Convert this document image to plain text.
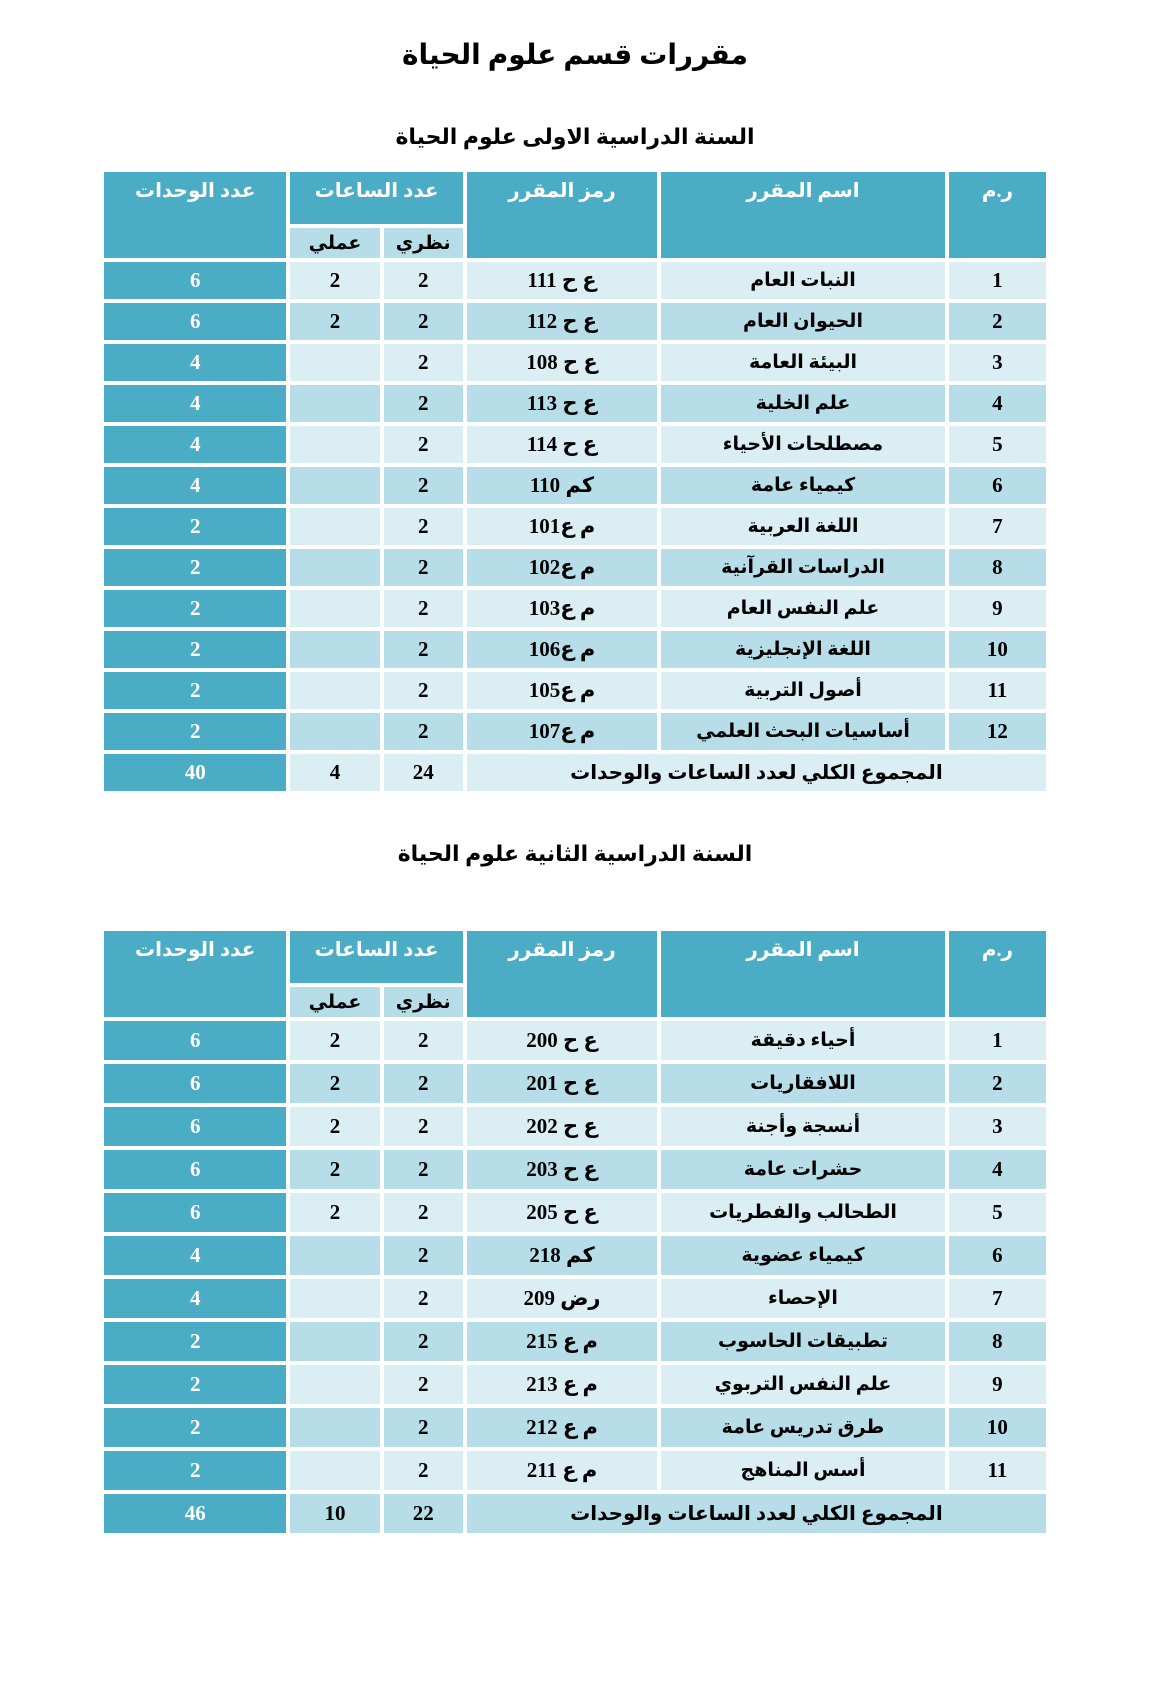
مقررات قسم علوم الحياة
السنة الدراسية الاولى علوم الحياة
ر.م	اسم المقرر	رمز المقرر	عدد الساعات		عدد الوحدات
			نظري	عملي	
1	النبات العام	ع ح 111	2	2	6
2	الحيوان العام	ع ح 112	2	2	6
3	البيئة العامة	ع ح 108	2		4
4	علم الخلية	ع ح 113	2		4
5	مصطلحات الأحياء	ع ح 114	2		4
6	كيمياء عامة	كم 110	2		4
7	اللغة العربية	م ع101	2		2
8	الدراسات القرآنية	م ع102	2		2
9	علم النفس العام	م ع103	2		2
10	اللغة الإنجليزية	م ع106	2		2
11	أصول التربية	م ع105	2		2
12	أساسيات البحث العلمي	م ع107	2		2
المجموع الكلي لعدد الساعات والوحدات			24	4	40
السنة الدراسية الثانية علوم الحياة
ر.م	اسم المقرر	رمز المقرر	عدد الساعات		عدد الوحدات
			نظري	عملي	
1	أحياء دقيقة	ع ح 200	2	2	6
2	اللافقاريات	ع ح 201	2	2	6
3	أنسجة وأجنة	ع ح 202	2	2	6
4	حشرات عامة	ع ح 203	2	2	6
5	الطحالب والفطريات	ع ح 205	2	2	6
6	كيمياء عضوية	كم 218	2		4
7	الإحصاء	رض 209	2		4
8	تطبيقات الحاسوب	م ع 215	2		2
9	علم النفس التربوي	م ع 213	2		2
10	طرق تدريس عامة	م ع 212	2		2
11	أسس المناهج	م ع 211	2		2
المجموع الكلي لعدد الساعات والوحدات			22	10	46
